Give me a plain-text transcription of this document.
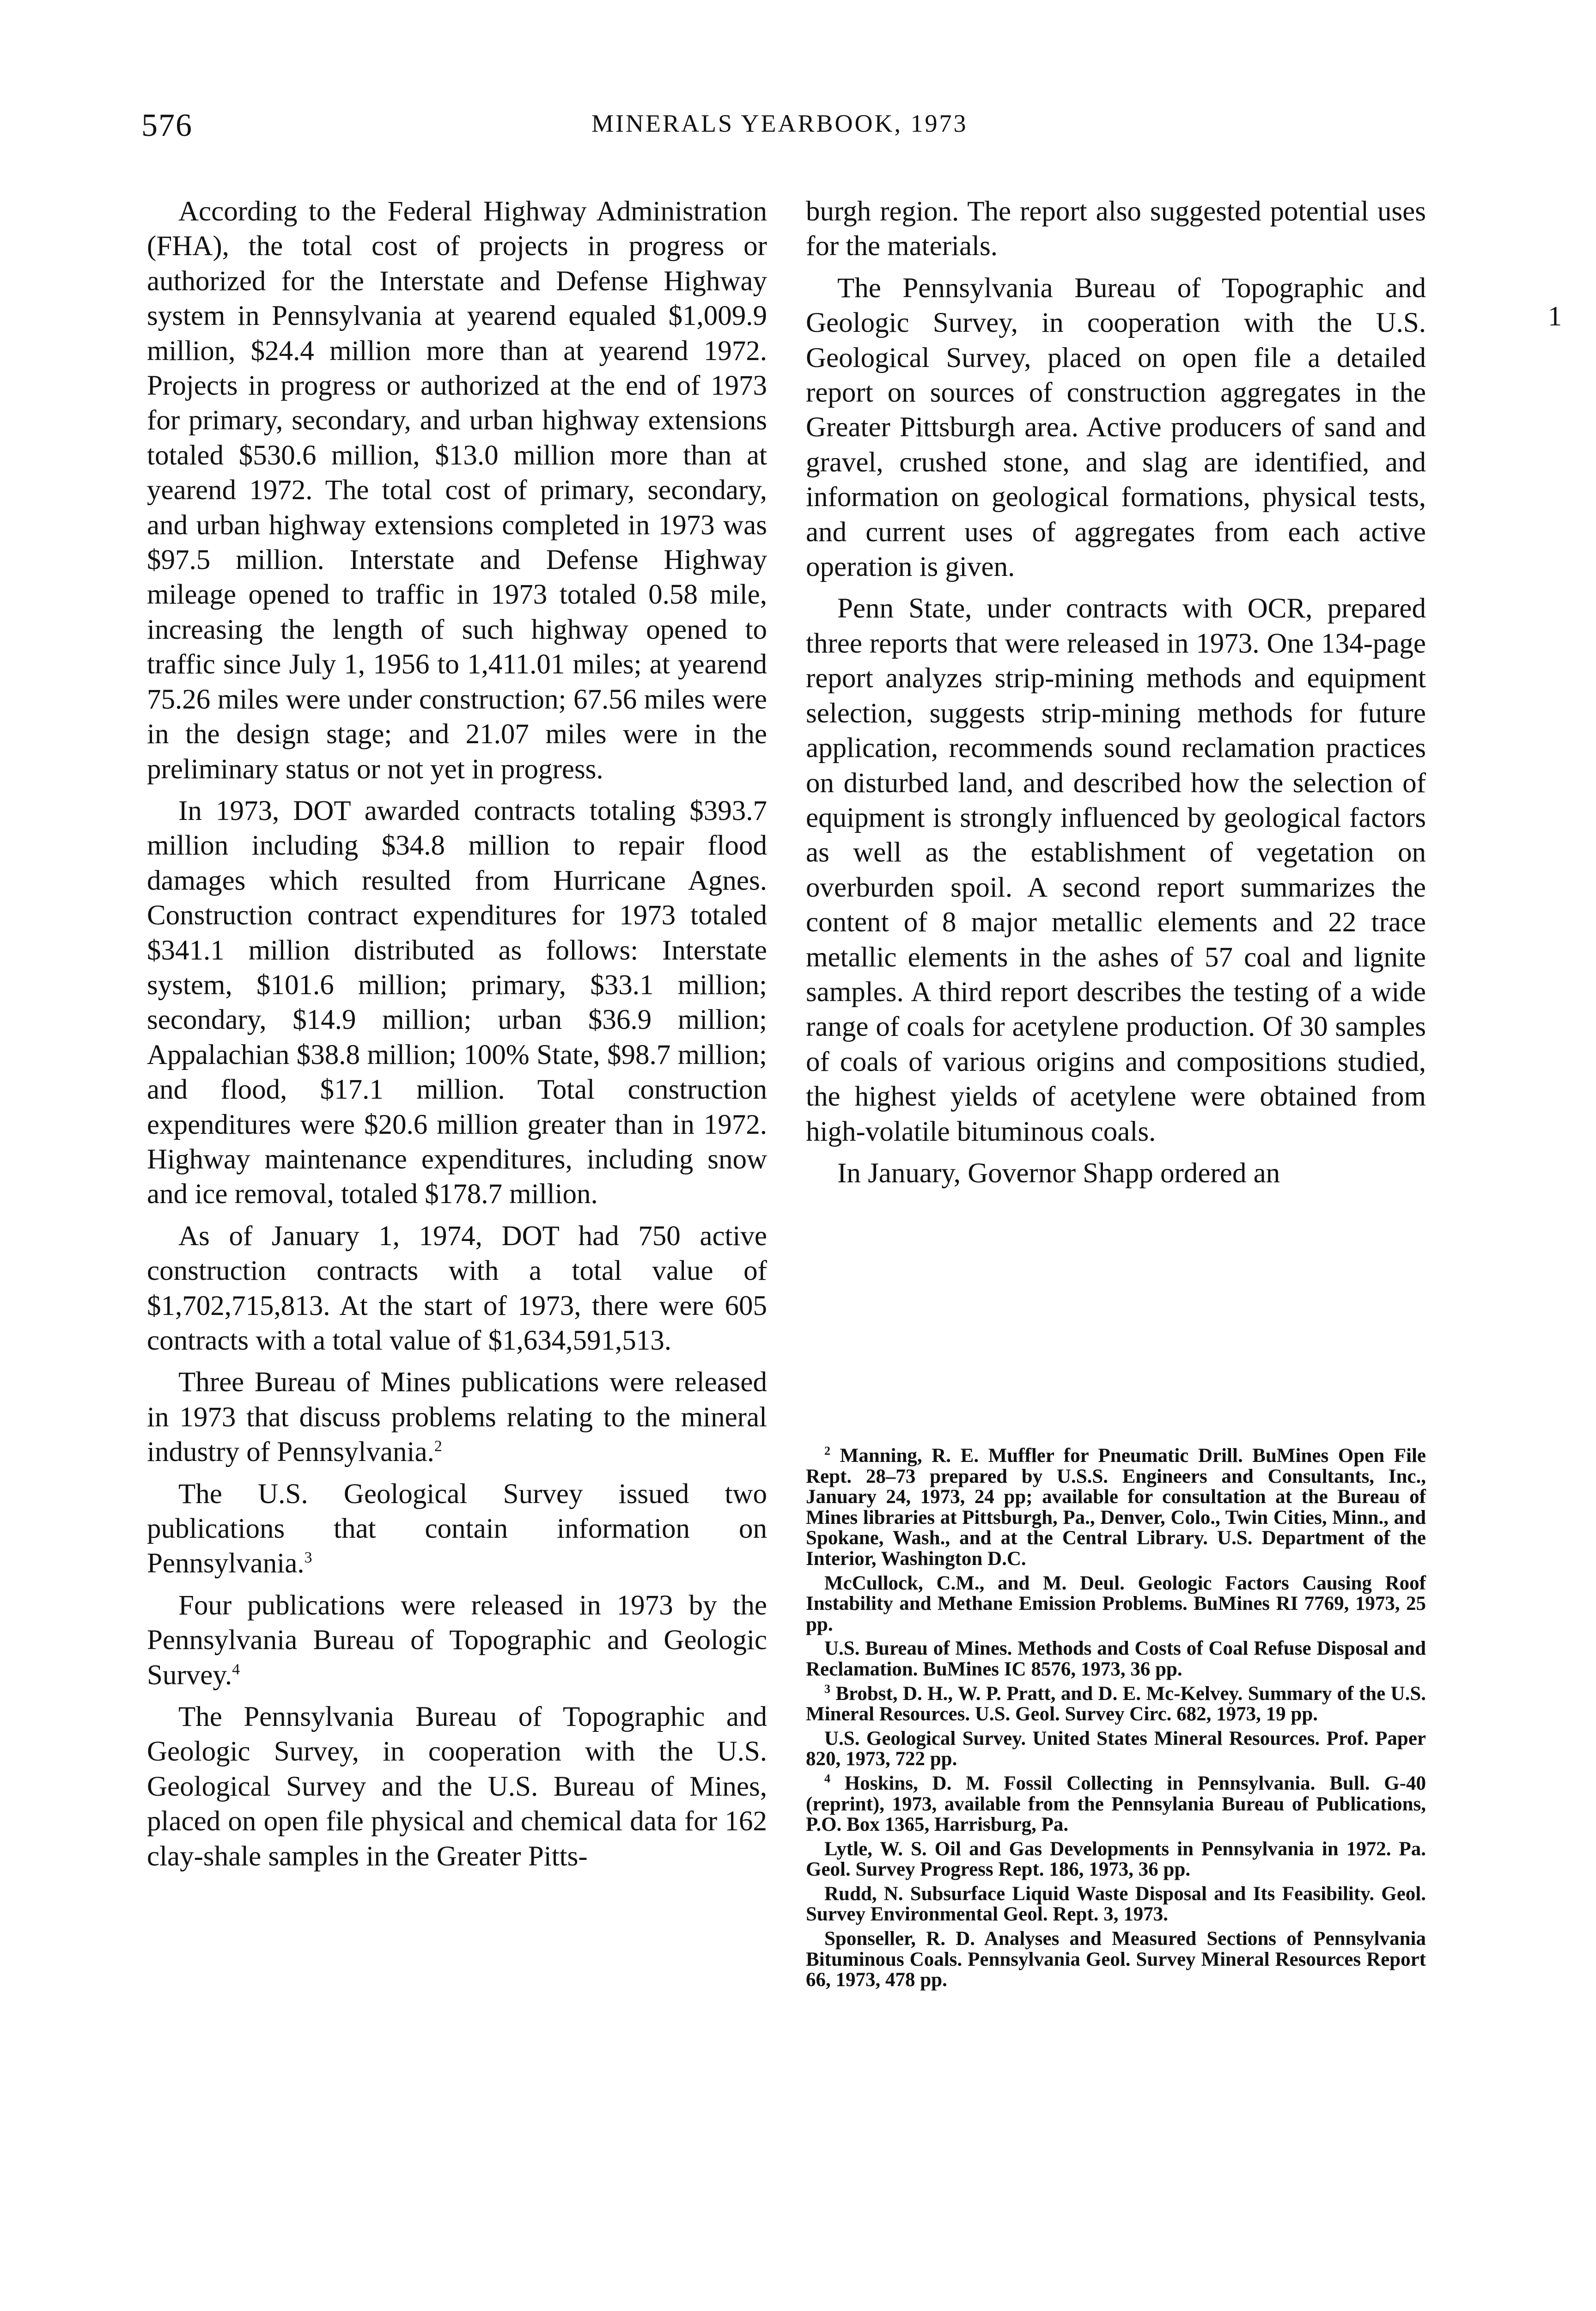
576	MINERALS YEARBOOK, 1973
1

According to the Federal Highway Administration (FHA), the total cost of projects in progress or authorized for the Interstate and Defense Highway system in Pennsylvania at yearend equaled $1,009.9 million, $24.4 million more than at yearend 1972. Projects in progress or authorized at the end of 1973 for primary, secondary, and urban highway extensions totaled $530.6 million, $13.0 million more than at yearend 1972. The total cost of primary, secondary, and urban highway extensions completed in 1973 was $97.5 million. Interstate and Defense Highway mileage opened to traffic in 1973 totaled 0.58 mile, increasing the length of such highway opened to traffic since July 1, 1956 to 1,411.01 miles; at yearend 75.26 miles were under construction; 67.56 miles were in the design stage; and 21.07 miles were in the preliminary status or not yet in progress.

In 1973, DOT awarded contracts totaling $393.7 million including $34.8 million to repair flood damages which resulted from Hurricane Agnes. Construction contract expenditures for 1973 totaled $341.1 million distributed as follows: Interstate system, $101.6 million; primary, $33.1 million; secondary, $14.9 million; urban $36.9 million; Appalachian $38.8 million; 100% State, $98.7 million; and flood, $17.1 million. Total construction expenditures were $20.6 million greater than in 1972. Highway maintenance expenditures, including snow and ice removal, totaled $178.7 million.

As of January 1, 1974, DOT had 750 active construction contracts with a total value of $1,702,715,813. At the start of 1973, there were 605 contracts with a total value of $1,634,591,513.

Three Bureau of Mines publications were released in 1973 that discuss problems relating to the mineral industry of Pennsylvania.$^2$

The U.S. Geological Survey issued two publications that contain information on Pennsylvania.$^3$

Four publications were released in 1973 by the Pennsylvania Bureau of Topographic and Geologic Survey.$^4$

The Pennsylvania Bureau of Topographic and Geologic Survey, in cooperation with the U.S. Geological Survey and the U.S. Bureau of Mines, placed on open file physical and chemical data for 162 clay-shale samples in the Greater Pitts-

burgh region. The report also suggested potential uses for the materials.

The Pennsylvania Bureau of Topographic and Geologic Survey, in cooperation with the U.S. Geological Survey, placed on open file a detailed report on sources of construction aggregates in the Greater Pittsburgh area. Active producers of sand and gravel, crushed stone, and slag are identified, and information on geological formations, physical tests, and current uses of aggregates from each active operation is given.

Penn State, under contracts with OCR, prepared three reports that were released in 1973. One 134-page report analyzes strip-mining methods and equipment selection, suggests strip-mining methods for future application, recommends sound reclamation practices on disturbed land, and described how the selection of equipment is strongly influenced by geological factors as well as the establishment of vegetation on overburden spoil. A second report summarizes the content of 8 major metallic elements and 22 trace metallic elements in the ashes of 57 coal and lignite samples. A third report describes the testing of a wide range of coals for acetylene production. Of 30 samples of coals of various origins and compositions studied, the highest yields of acetylene were obtained from high-volatile bituminous coals.

In January, Governor Shapp ordered an

$^2$ Manning, R. E. Muffler for Pneumatic Drill. BuMines Open File Rept. 28–73 prepared by U.S.S. Engineers and Consultants, Inc., January 24, 1973, 24 pp; available for consultation at the Bureau of Mines libraries at Pittsburgh, Pa., Denver, Colo., Twin Cities, Minn., and Spokane, Wash., and at the Central Library. U.S. Department of the Interior, Washington D.C.

McCullock, C.M., and M. Deul. Geologic Factors Causing Roof Instability and Methane Emission Problems. BuMines RI 7769, 1973, 25 pp.

U.S. Bureau of Mines. Methods and Costs of Coal Refuse Disposal and Reclamation. BuMines IC 8576, 1973, 36 pp.

$^3$ Brobst, D. H., W. P. Pratt, and D. E. Mc-Kelvey. Summary of the U.S. Mineral Resources. U.S. Geol. Survey Circ. 682, 1973, 19 pp.

U.S. Geological Survey. United States Mineral Resources. Prof. Paper 820, 1973, 722 pp.

$^4$ Hoskins, D. M. Fossil Collecting in Pennsylvania. Bull. G-40 (reprint), 1973, available from the Pennsylania Bureau of Publications, P.O. Box 1365, Harrisburg, Pa.

Lytle, W. S. Oil and Gas Developments in Pennsylvania in 1972. Pa. Geol. Survey Progress Rept. 186, 1973, 36 pp.

Rudd, N. Subsurface Liquid Waste Disposal and Its Feasibility. Geol. Survey Environmental Geol. Rept. 3, 1973.

Sponseller, R. D. Analyses and Measured Sections of Pennsylvania Bituminous Coals. Pennsylvania Geol. Survey Mineral Resources Report 66, 1973, 478 pp.
